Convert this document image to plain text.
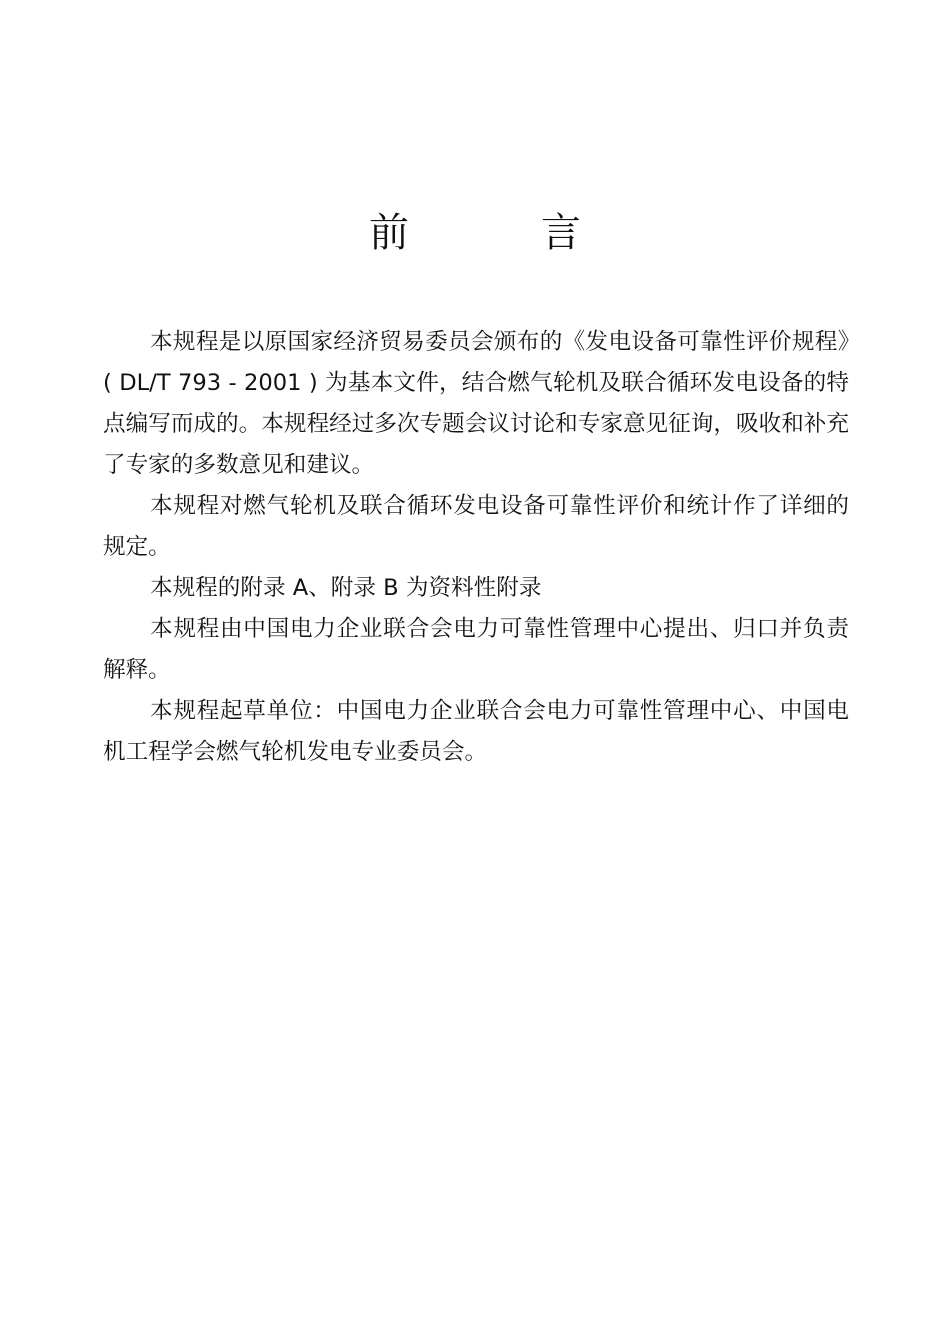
前　言

本规程是以原国家经济贸易委员会颁布的《发电设备可靠性评价规程》( DL/T 793 - 2001 ) 为基本文件，结合燃气轮机及联合循环发电设备的特点编写而成的。本规程经过多次专题会议讨论和专家意见征询，吸收和补充了专家的多数意见和建议。

本规程对燃气轮机及联合循环发电设备可靠性评价和统计作了详细的规定。

本规程的附录 A、附录 B 为资料性附录

本规程由中国电力企业联合会电力可靠性管理中心提出、归口并负责解释。

本规程起草单位：中国电力企业联合会电力可靠性管理中心、中国电机工程学会燃气轮机发电专业委员会。
